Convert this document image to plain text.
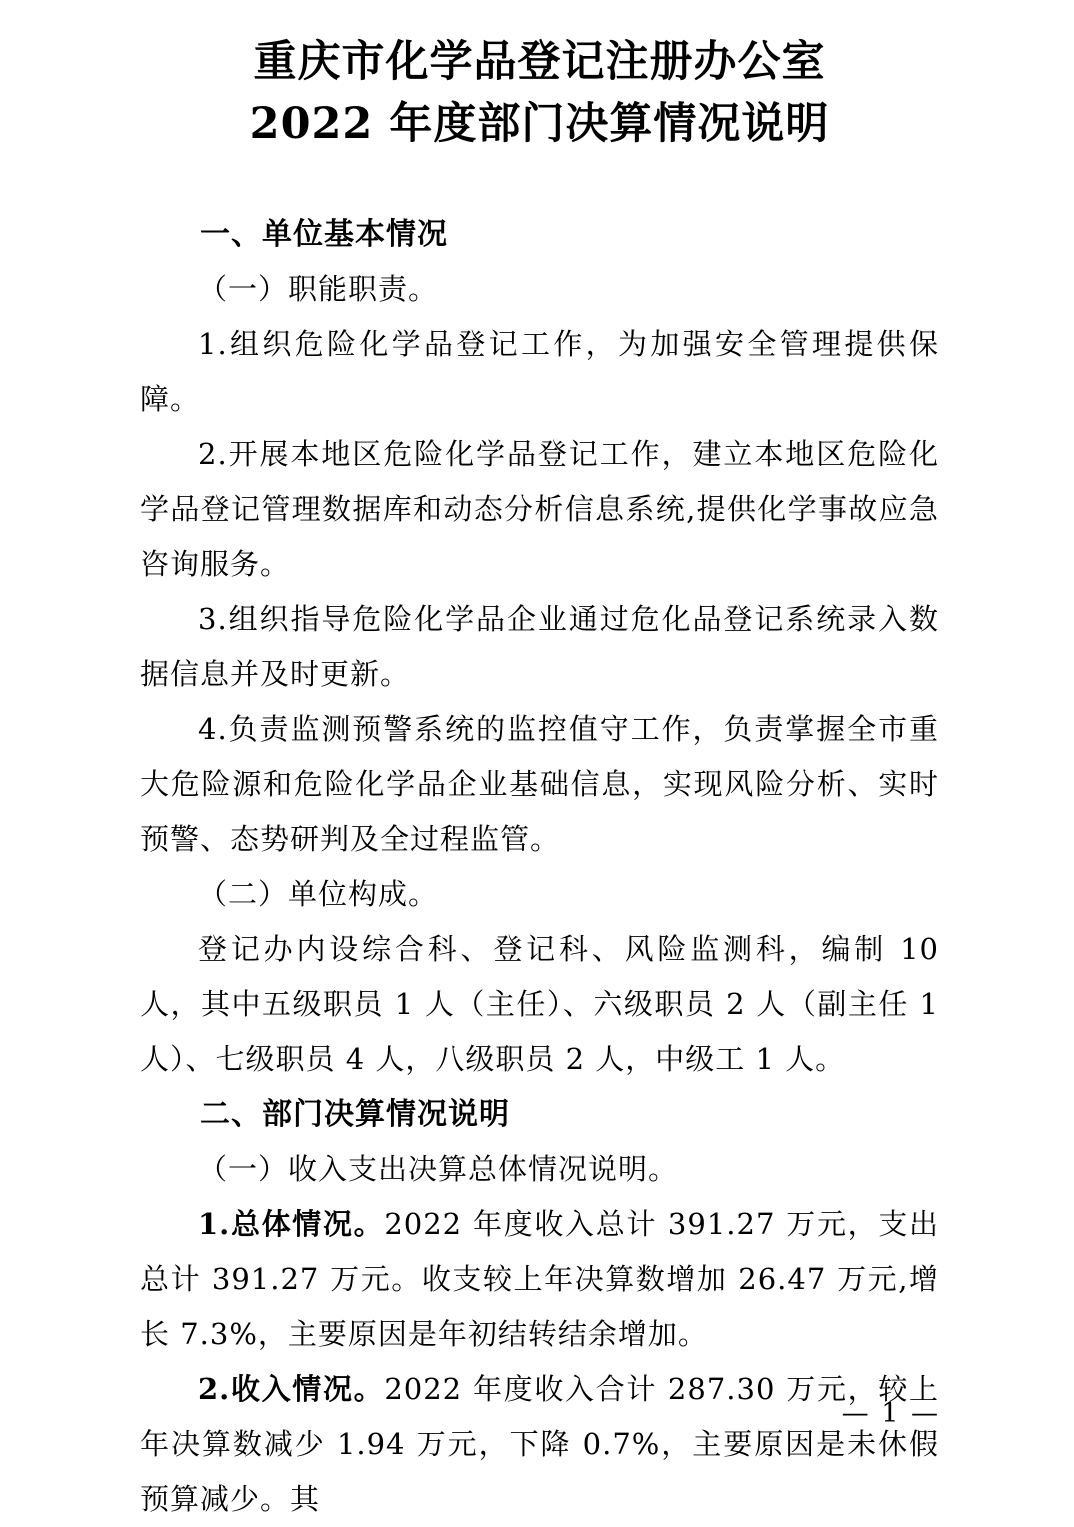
重庆市化学品登记注册办公室
2022 年度部门决算情况说明

一、单位基本情况

（一）职能职责。

1.组织危险化学品登记工作，为加强安全管理提供保障。

2.开展本地区危险化学品登记工作，建立本地区危险化学品登记管理数据库和动态分析信息系统,提供化学事故应急咨询服务。

3.组织指导危险化学品企业通过危化品登记系统录入数据信息并及时更新。

4.负责监测预警系统的监控值守工作，负责掌握全市重大危险源和危险化学品企业基础信息，实现风险分析、实时预警、态势研判及全过程监管。

（二）单位构成。

登记办内设综合科、登记科、风险监测科，编制 10 人，其中五级职员 1 人（主任）、六级职员 2 人（副主任 1 人）、七级职员 4 人，八级职员 2 人，中级工 1 人。

二、部门决算情况说明

（一）收入支出决算总体情况说明。

1.总体情况。2022 年度收入总计 391.27 万元，支出总计 391.27 万元。收支较上年决算数增加 26.47 万元,增长 7.3%，主要原因是年初结转结余增加。

2.收入情况。2022 年度收入合计 287.30 万元，较上年决算数减少 1.94 万元，下降 0.7%，主要原因是未休假预算减少。其

— 1 —
